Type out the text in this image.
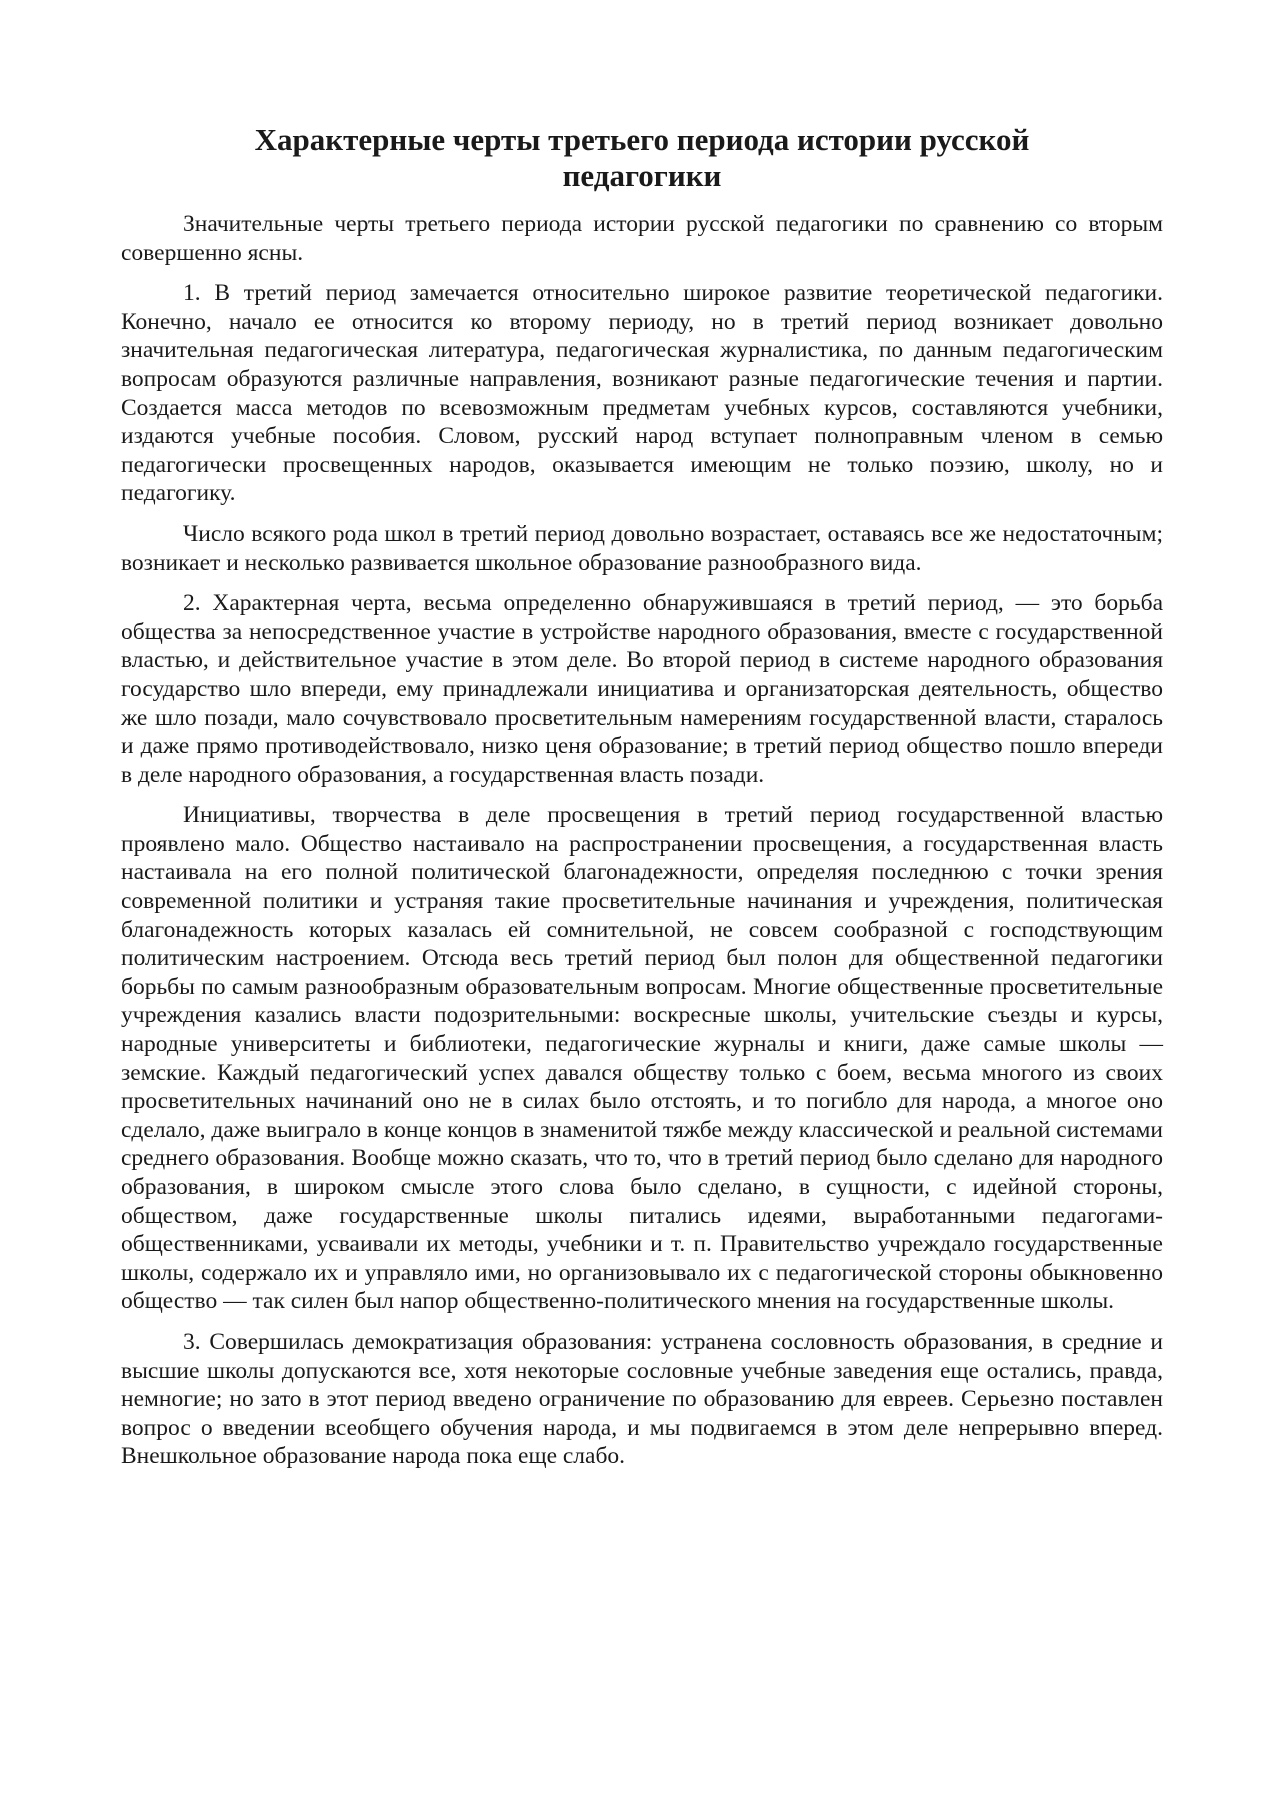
Характерные черты третьего периода истории русской педагогики

Значительные черты третьего периода истории русской педагогики по сравнению со вторым совершенно ясны.

1. В третий период замечается относительно широкое развитие теоретической педагогики. Конечно, начало ее относится ко второму периоду, но в третий период возникает довольно значительная педагогическая литература, педагогическая журналистика, по данным педагогическим вопросам образуются различные направления, возникают разные педагогические течения и партии. Создается масса методов по всевозможным предметам учебных курсов, составляются учебники, издаются учебные пособия. Словом, русский народ вступает полноправным членом в семью педагогически просвещенных народов, оказывается имеющим не только поэзию, школу, но и педагогику.

Число всякого рода школ в третий период довольно возрастает, оставаясь все же недостаточным; возникает и несколько развивается школьное образование разнообразного вида.

2. Характерная черта, весьма определенно обнаружившаяся в третий период, — это борьба общества за непосредственное участие в устройстве народного образования, вместе с государственной властью, и действительное участие в этом деле. Во второй период в системе народного образования государство шло впереди, ему принадлежали инициатива и организаторская деятельность, общество же шло позади, мало сочувствовало просветительным намерениям государственной власти, старалось и даже прямо противодействовало, низко ценя образование; в третий период общество пошло впереди в деле народного образования, а государственная власть позади.

Инициативы, творчества в деле просвещения в третий период государственной властью проявлено мало. Общество настаивало на распространении просвещения, а государственная власть настаивала на его полной политической благонадежности, определяя последнюю с точки зрения современной политики и устраняя такие просветительные начинания и учреждения, политическая благонадежность которых казалась ей сомнительной, не совсем сообразной с господствующим политическим настроением. Отсюда весь третий период был полон для общественной педагогики борьбы по самым разнообразным образовательным вопросам. Многие общественные просветительные учреждения казались власти подозрительными: воскресные школы, учительские съезды и курсы, народные университеты и библиотеки, педагогические журналы и книги, даже самые школы — земские. Каждый педагогический успех давался обществу только с боем, весьма многого из своих просветительных начинаний оно не в силах было отстоять, и то погибло для народа, а многое оно сделало, даже выиграло в конце концов в знаменитой тяжбе между классической и реальной системами среднего образования. Вообще можно сказать, что то, что в третий период было сделано для народного образования, в широком смысле этого слова было сделано, в сущности, с идейной стороны, обществом, даже государственные школы питались идеями, выработанными педагогами-общественниками, усваивали их методы, учебники и т. п. Правительство учреждало государственные школы, содержало их и управляло ими, но организовывало их с педагогической стороны обыкновенно общество — так силен был напор общественно-политического мнения на государственные школы.

3. Совершилась демократизация образования: устранена сословность образования, в средние и высшие школы допускаются все, хотя некоторые сословные учебные заведения еще остались, правда, немногие; но зато в этот период введено ограничение по образованию для евреев. Серьезно поставлен вопрос о введении всеобщего обучения народа, и мы подвигаемся в этом деле непрерывно вперед. Внешкольное образование народа пока еще слабо.
